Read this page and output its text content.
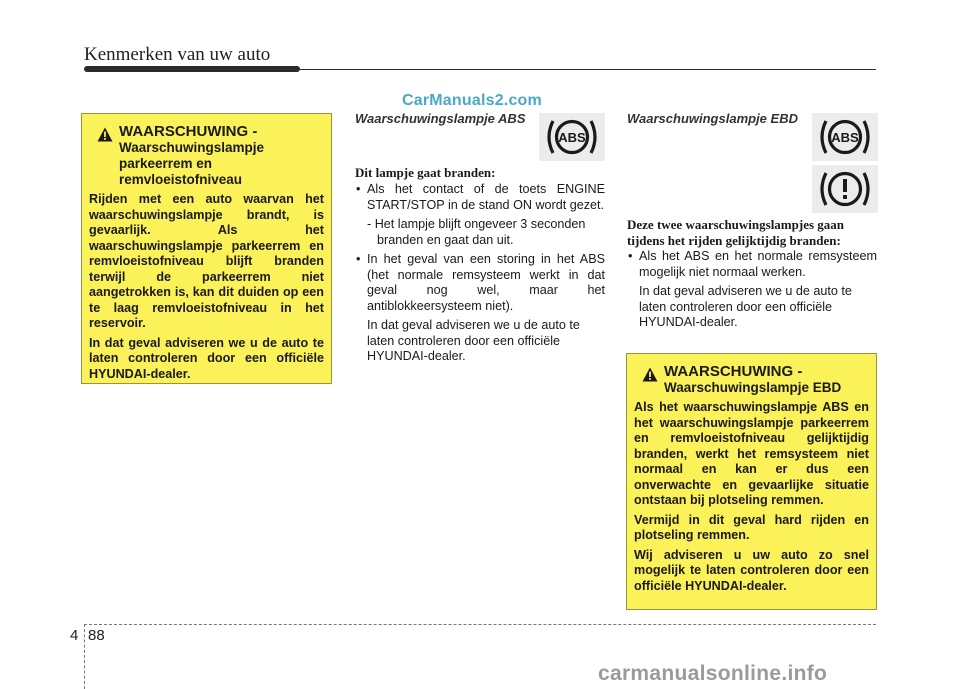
Kenmerken van uw auto
CarManuals2.com
WAARSCHUWING -
Waarschuwingslampje
parkeerrem en
remvloeistofniveau

Rijden met een auto waarvan het waarschuwingslampje brandt, is gevaarlijk. Als het waarschuwingslampje parkeerrem en remvloeistofniveau blijft branden terwijl de parkeerrem niet aangetrokken is, kan dit duiden op een te laag remvloeistofniveau in het reservoir.

In dat geval adviseren we u de auto te laten controleren door een officiële HYUNDAI-dealer.

Waarschuwingslampje ABS
ABS
Dit lampje gaat branden:
• Als het contact of de toets ENGINE START/STOP in de stand ON wordt gezet.
- Het lampje blijft ongeveer 3 seconden branden en gaat dan uit.
• In het geval van een storing in het ABS (het normale remsysteem werkt in dat geval nog wel, maar het antiblokkeersysteem niet).
In dat geval adviseren we u de auto te laten controleren door een officiële HYUNDAI-dealer.
Waarschuwingslampje EBD
ABS
Deze twee waarschuwingslampjes gaan
tijdens het rijden gelijktijdig branden:
• Als het ABS en het normale remsysteem mogelijk niet normaal werken.
In dat geval adviseren we u de auto te laten controleren door een officiële HYUNDAI-dealer.
WAARSCHUWING -
Waarschuwingslampje EBD

Als het waarschuwingslampje ABS en het waarschuwingslampje parkeerrem en remvloeistofniveau gelijktijdig branden, werkt het remsysteem niet normaal en kan er dus een onverwachte en gevaarlijke situatie ontstaan bij plotseling remmen.

Vermijd in dit geval hard rijden en plotseling remmen.

Wij adviseren u uw auto zo snel mogelijk te laten controleren door een officiële HYUNDAI-dealer.

4 88
carmanualsonline.info
